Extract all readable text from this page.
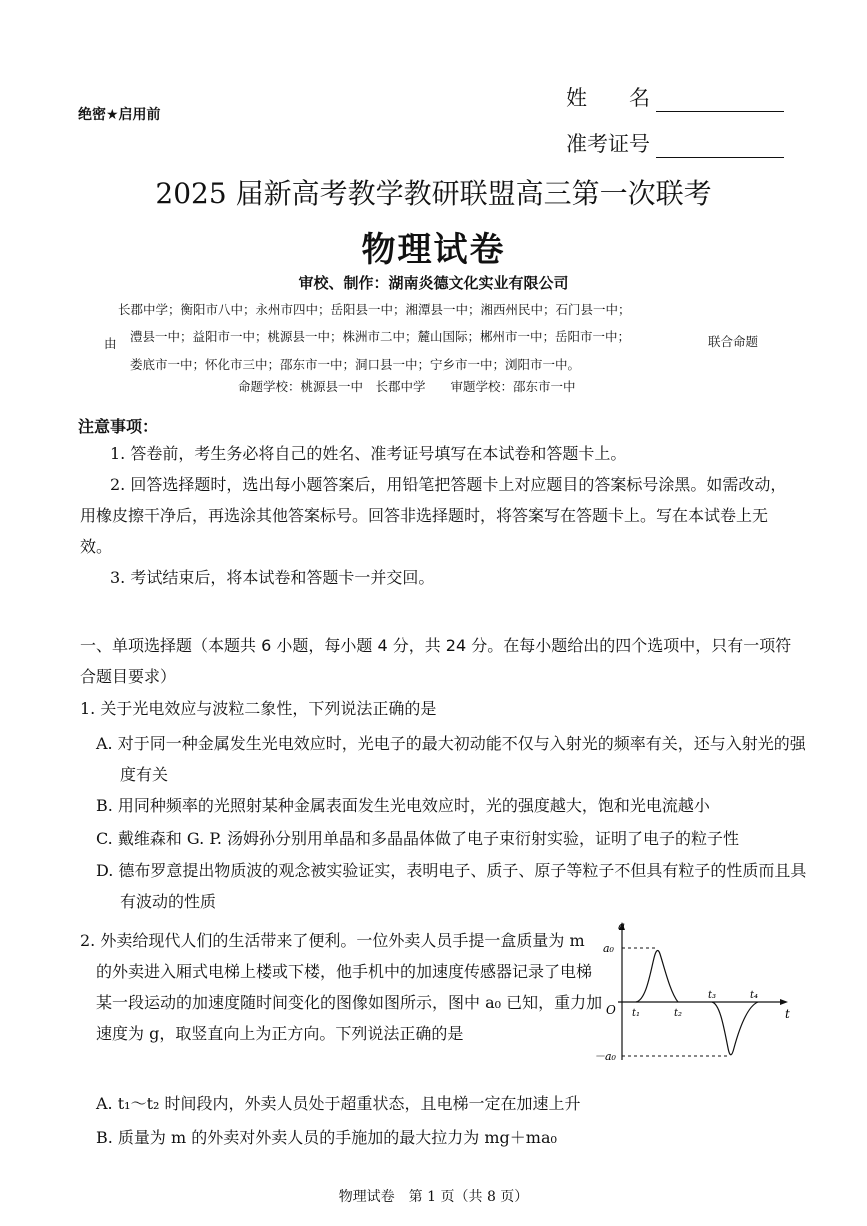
绝密★启用前
姓　　名
准考证号
2025 届新高考教学教研联盟高三第一次联考
物理试卷
审校、制作：湖南炎德文化实业有限公司
由
长郡中学；衡阳市八中；永州市四中；岳阳县一中；湘潭县一中；湘西州民中；石门县一中；
澧县一中；益阳市一中；桃源县一中；株洲市二中；麓山国际；郴州市一中；岳阳市一中；
娄底市一中；怀化市三中；邵东市一中；洞口县一中；宁乡市一中；浏阳市一中。
联合命题
命题学校：桃源县一中　长郡中学　　审题学校：邵东市一中
注意事项：
1. 答卷前，考生务必将自己的姓名、准考证号填写在本试卷和答题卡上。
2. 回答选择题时，选出每小题答案后，用铅笔把答题卡上对应题目的答案标号涂黑。如需改动，用橡皮擦干净后，再选涂其他答案标号。回答非选择题时，将答案写在答题卡上。写在本试卷上无效。
3. 考试结束后，将本试卷和答题卡一并交回。
一、单项选择题（本题共 6 小题，每小题 4 分，共 24 分。在每小题给出的四个选项中，只有一项符合题目要求）
1. 关于光电效应与波粒二象性，下列说法正确的是
A. 对于同一种金属发生光电效应时，光电子的最大初动能不仅与入射光的频率有关，还与入射光的强度有关
B. 用同种频率的光照射某种金属表面发生光电效应时，光的强度越大，饱和光电流越小
C. 戴维森和 G. P. 汤姆孙分别用单晶和多晶晶体做了电子束衍射实验，证明了电子的粒子性
D. 德布罗意提出物质波的观念被实验证实，表明电子、质子、原子等粒子不但具有粒子的性质而且具有波动的性质
2. 外卖给现代人们的生活带来了便利。一位外卖人员手提一盒质量为 m 的外卖进入厢式电梯上楼或下楼，他手机中的加速度传感器记录了电梯某一段运动的加速度随时间变化的图像如图所示，图中 a₀ 已知，重力加速度为 g，取竖直向上为正方向。下列说法正确的是
a
t
O
a₀
－a₀
t₁	t₂
t₃	t₄
A. t₁～t₂ 时间段内，外卖人员处于超重状态，且电梯一定在加速上升
B. 质量为 m 的外卖对外卖人员的手施加的最大拉力为 mg＋ma₀
物理试卷　第 1 页（共 8 页）
